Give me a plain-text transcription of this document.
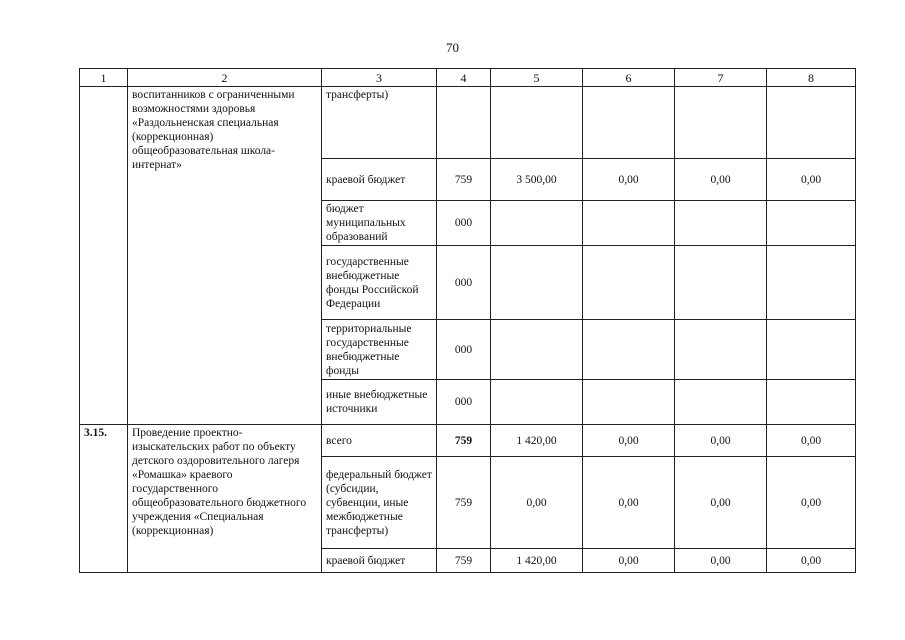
70
1	2	3	4	5	6	7	8
	воспитанников с ограниченными возможностями здоровья «Раздольненская специальная (коррекционная) общеобразовательная школа-интернат»	трансферты)					
		краевой бюджет	759	3 500,00	0,00	0,00	0,00
		бюджет муниципальных образований	000				
		государственные внебюджетные фонды Российской Федерации	000				
		территориальные государственные внебюджетные фонды	000				
		иные внебюджетные источники	000				
3.15.	Проведение проектно-изыскательских работ по объекту детского оздоровительного лагеря «Ромашка» краевого государственного общеобразовательного бюджетного учреждения «Специальная (коррекционная)	всего	759	1 420,00	0,00	0,00	0,00
		федеральный бюджет (субсидии, субвенции, иные межбюджетные трансферты)	759	0,00	0,00	0,00	0,00
		краевой бюджет	759	1 420,00	0,00	0,00	0,00
